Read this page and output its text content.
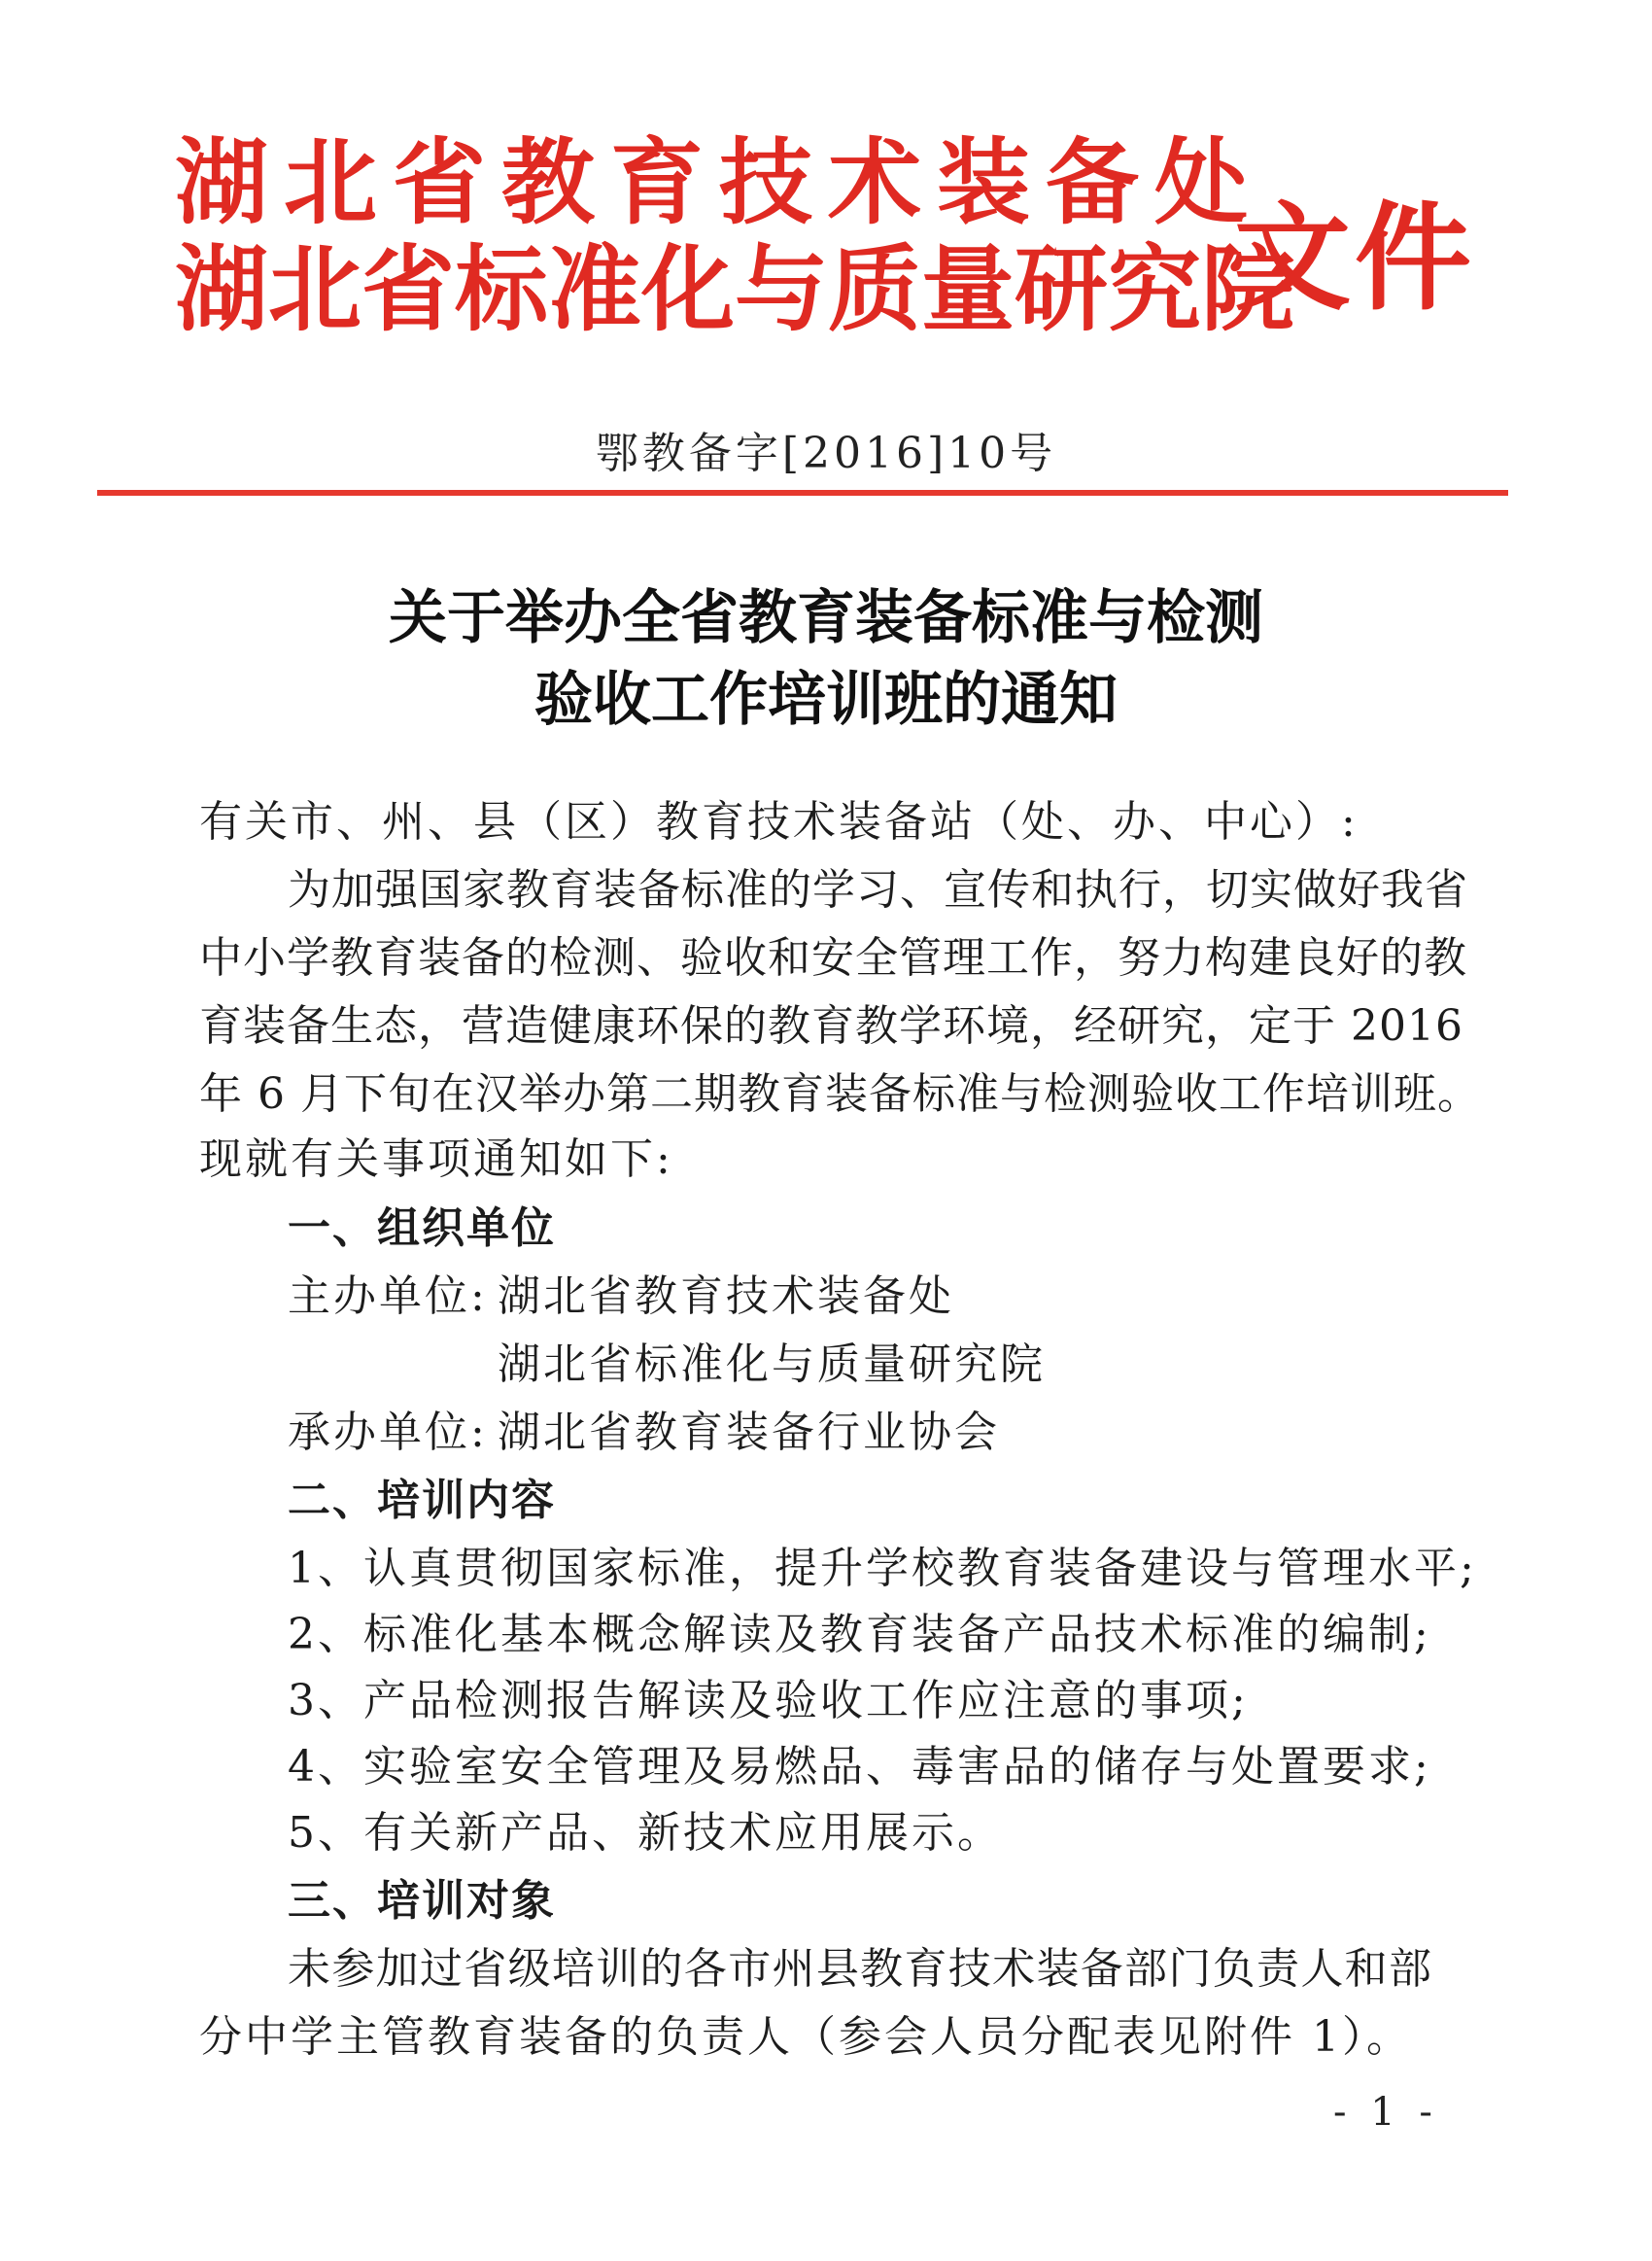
湖北省教育技术装备处
湖北省标准化与质量研究院
文件
鄂教备字[2016]10号
关于举办全省教育装备标准与检测
验收工作培训班的通知
有关市、州、县（区）教育技术装备站（处、办、中心）:
为加强国家教育装备标准的学习、宣传和执行，切实做好我省
中小学教育装备的检测、验收和安全管理工作，努力构建良好的教
育装备生态，营造健康环保的教育教学环境，经研究，定于 2016
年 6 月下旬在汉举办第二期教育装备标准与检测验收工作培训班。
现就有关事项通知如下:
一、组织单位
主办单位: 湖北省教育技术装备处
湖北省标准化与质量研究院
承办单位: 湖北省教育装备行业协会
二、培训内容
1、认真贯彻国家标准，提升学校教育装备建设与管理水平;
2、标准化基本概念解读及教育装备产品技术标准的编制;
3、产品检测报告解读及验收工作应注意的事项;
4、实验室安全管理及易燃品、毒害品的储存与处置要求;
5、有关新产品、新技术应用展示。
三、培训对象
未参加过省级培训的各市州县教育技术装备部门负责人和部
分中学主管教育装备的负责人（参会人员分配表见附件 1）。
- 1 -
